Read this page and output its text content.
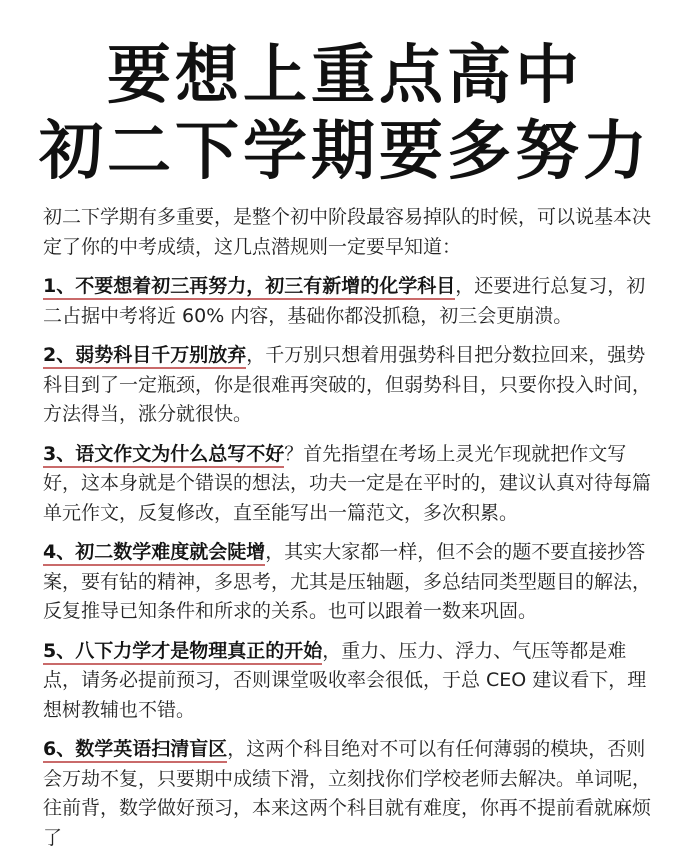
要想上重点高中
初二下学期要多努力

初二下学期有多重要，是整个初中阶段最容易掉队的时候，可以说基本决定了你的中考成绩，这几点潜规则一定要早知道：

1、不要想着初三再努力，初三有新增的化学科目，还要进行总复习，初二占据中考将近 60% 内容，基础你都没抓稳，初三会更崩溃。

2、弱势科目千万别放弃，千万别只想着用强势科目把分数拉回来，强势科目到了一定瓶颈，你是很难再突破的，但弱势科目，只要你投入时间，方法得当，涨分就很快。

3、语文作文为什么总写不好？首先指望在考场上灵光乍现就把作文写好，这本身就是个错误的想法，功夫一定是在平时的，建议认真对待每篇单元作文，反复修改，直至能写出一篇范文，多次积累。

4、初二数学难度就会陡增，其实大家都一样，但不会的题不要直接抄答案，要有钻的精神，多思考，尤其是压轴题，多总结同类型题目的解法，反复推导已知条件和所求的关系。也可以跟着一数来巩固。

5、八下力学才是物理真正的开始，重力、压力、浮力、气压等都是难点，请务必提前预习，否则课堂吸收率会很低，于总 CEO 建议看下，理想树教辅也不错。

6、数学英语扫清盲区，这两个科目绝对不可以有任何薄弱的模块，否则会万劫不复，只要期中成绩下滑，立刻找你们学校老师去解决。单词呢，往前背，数学做好预习，本来这两个科目就有难度，你再不提前看就麻烦了
